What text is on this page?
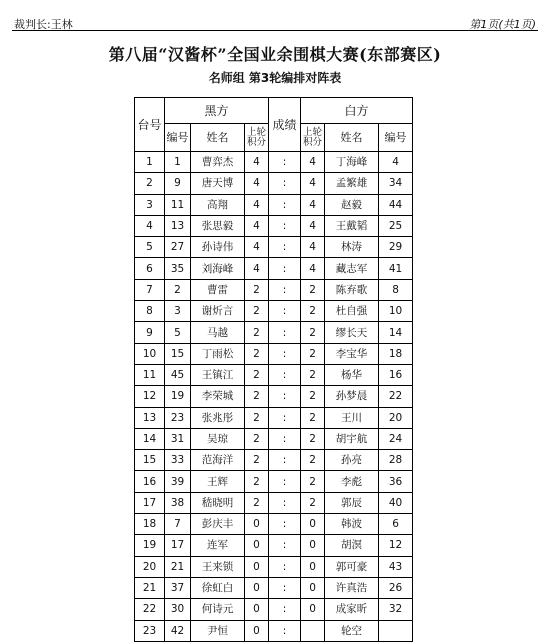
裁判长:王林	第1页(共1页)
第八届“汉酱杯”全国业余围棋大赛(东部赛区)
名师组 第3轮编排对阵表
台号	黑方			成绩	白方		
	编号	姓名	上轮积分		上轮积分	姓名	编号
1	1	曹弈杰	4	:	4	丁海峰	4
2	9	唐天博	4	:	4	孟繁雄	34
3	11	高翔	4	:	4	赵毅	44
4	13	张思毅	4	:	4	王戴韬	25
5	27	孙诗伟	4	:	4	林涛	29
6	35	刘海峰	4	:	4	藏志军	41
7	2	曹雷	2	:	2	陈弃歌	8
8	3	谢炘言	2	:	2	杜自强	10
9	5	马越	2	:	2	缪长天	14
10	15	丁雨松	2	:	2	李宝华	18
11	45	王镇江	2	:	2	杨华	16
12	19	李荣城	2	:	2	孙梦晨	22
13	23	张兆彤	2	:	2	王川	20
14	31	吴琼	2	:	2	胡宇航	24
15	33	范海洋	2	:	2	孙亮	28
16	39	王辉	2	:	2	李彪	36
17	38	嵇晓明	2	:	2	郭辰	40
18	7	彭庆丰	0	:	0	韩波	6
19	17	连军	0	:	0	胡溟	12
20	21	王来锁	0	:	0	郭可豪	43
21	37	徐虹白	0	:	0	许真浩	26
22	30	何诗元	0	:	0	成家昕	32
23	42	尹恒	0	:		轮空	
